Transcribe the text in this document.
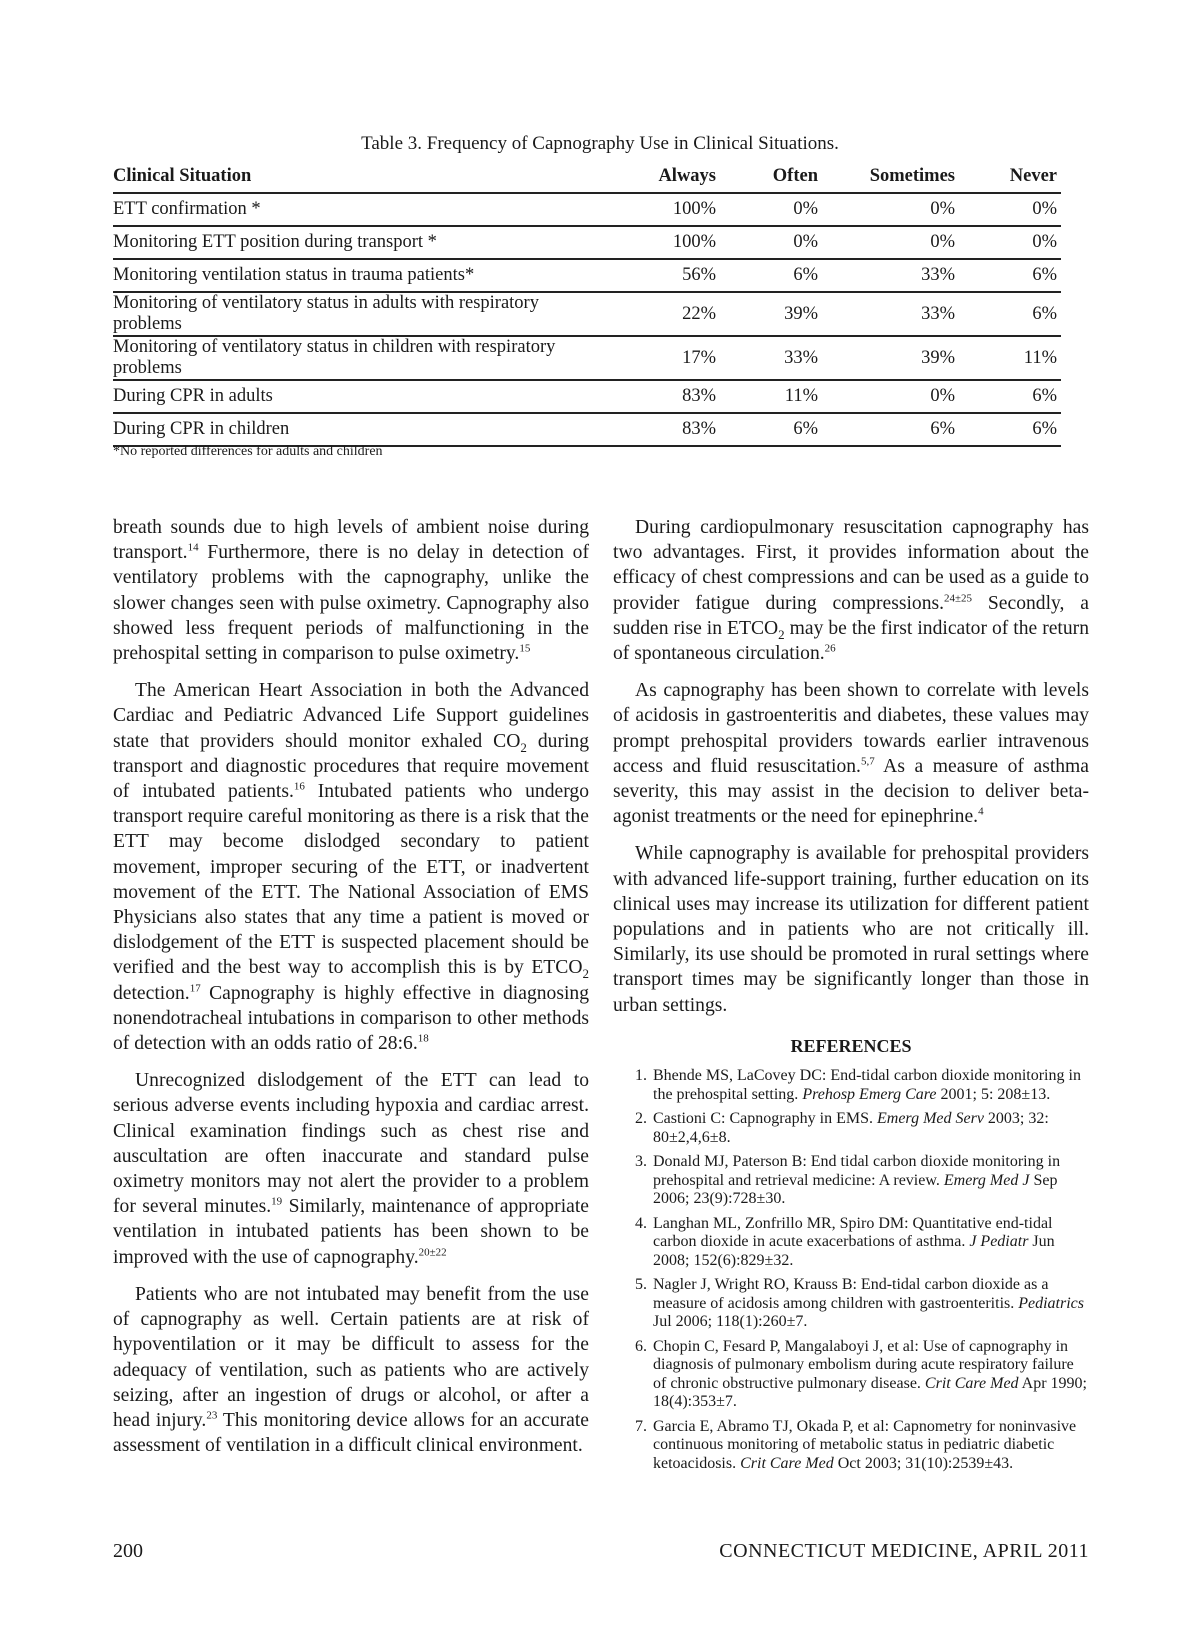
Table 3. Frequency of Capnography Use in Clinical Situations.
Clinical Situation	Always	Often	Sometimes	Never
ETT confirmation *	100%	0%	0%	0%
Monitoring ETT position during transport *	100%	0%	0%	0%
Monitoring ventilation status in trauma patients*	56%	6%	33%	6%
Monitoring of ventilatory status in adults with respiratory problems	22%	39%	33%	6%
Monitoring of ventilatory status in children with respiratory problems	17%	33%	39%	11%
During CPR in adults	83%	11%	0%	6%
During CPR in children	83%	6%	6%	6%
*No reported differences for adults and children

breath sounds due to high levels of ambient noise during transport.$^{14}$ Furthermore, there is no delay in detection of ventilatory problems with the capnography, unlike the slower changes seen with pulse oximetry. Capnography also showed less frequent periods of malfunctioning in the prehospital setting in comparison to pulse oximetry.$^{15}$

The American Heart Association in both the Advanced Cardiac and Pediatric Advanced Life Support guidelines state that providers should monitor exhaled $CO_2$ during transport and diagnostic procedures that require movement of intubated patients.$^{16}$ Intubated patients who undergo transport require careful monitoring as there is a risk that the ETT may become dislodged secondary to patient movement, improper securing of the ETT, or inadvertent movement of the ETT. The National Association of EMS Physicians also states that any time a patient is moved or dislodgement of the ETT is suspected placement should be verified and the best way to accomplish this is by $ETCO_2$ detection.$^{17}$ Capnography is highly effective in diagnosing nonendotracheal intubations in comparison to other methods of detection with an odds ratio of 28:6.18

Unrecognized dislodgement of the ETT can lead to serious adverse events including hypoxia and cardiac arrest. Clinical examination findings such as chest rise and auscultation are often inaccurate and standard pulse oximetry monitors may not alert the provider to a problem for several minutes.$^{19}$ Similarly, maintenance of appropriate ventilation in intubated patients has been shown to be improved with the use of capnography.$^{20\pm 22}$

Patients who are not intubated may benefit from the use of capnography as well. Certain patients are at risk of hypoventilation or it may be difficult to assess for the adequacy of ventilation, such as patients who are actively seizing, after an ingestion of drugs or alcohol, or after a head injury.$^{23}$ This monitoring device allows for an accurate assessment of ventilation in a difficult clinical environment.

During cardiopulmonary resuscitation capnography has two advantages. First, it provides information about the efficacy of chest compressions and can be used as a guide to provider fatigue during compressions.$^{24\pm 25}$ Secondly, a sudden rise in $ETCO_2$ may be the first indicator of the return of spontaneous circulation.$^{26}$

As capnography has been shown to correlate with levels of acidosis in gastroenteritis and diabetes, these values may prompt prehospital providers towards earlier intravenous access and fluid resuscitation.$^{5,7}$ As a measure of asthma severity, this may assist in the decision to deliver beta-agonist treatments or the need for epinephrine.$^4$

While capnography is available for prehospital providers with advanced life-support training, further education on its clinical uses may increase its utilization for different patient populations and in patients who are not critically ill. Similarly, its use should be promoted in rural settings where transport times may be significantly longer than those in urban settings.

REFERENCES
1. Bhende MS, LaCovey DC: End-tidal carbon dioxide monitoring in the prehospital setting. Prehosp Emerg Care 2001; 5: 208±13.
2. Castioni C: Capnography in EMS. Emerg Med Serv 2003; 32: 80±2,4,6±8.
3. Donald MJ, Paterson B: End tidal carbon dioxide monitoring in prehospital and retrieval medicine: A review. Emerg Med J Sep 2006; 23(9):728±30.
4. Langhan ML, Zonfrillo MR, Spiro DM: Quantitative end-tidal carbon dioxide in acute exacerbations of asthma. J Pediatr Jun 2008; 152(6):829±32.
5. Nagler J, Wright RO, Krauss B: End-tidal carbon dioxide as a measure of acidosis among children with gastroenteritis. Pediatrics Jul 2006; 118(1):260±7.
6. Chopin C, Fesard P, Mangalaboyi J, et al: Use of capnography in diagnosis of pulmonary embolism during acute respiratory failure of chronic obstructive pulmonary disease. Crit Care Med Apr 1990; 18(4):353±7.
7. Garcia E, Abramo TJ, Okada P, et al: Capnometry for noninvasive continuous monitoring of metabolic status in pediatric diabetic ketoacidosis. Crit Care Med Oct 2003; 31(10):2539±43.
200	CONNECTICUT MEDICINE, APRIL 2011
